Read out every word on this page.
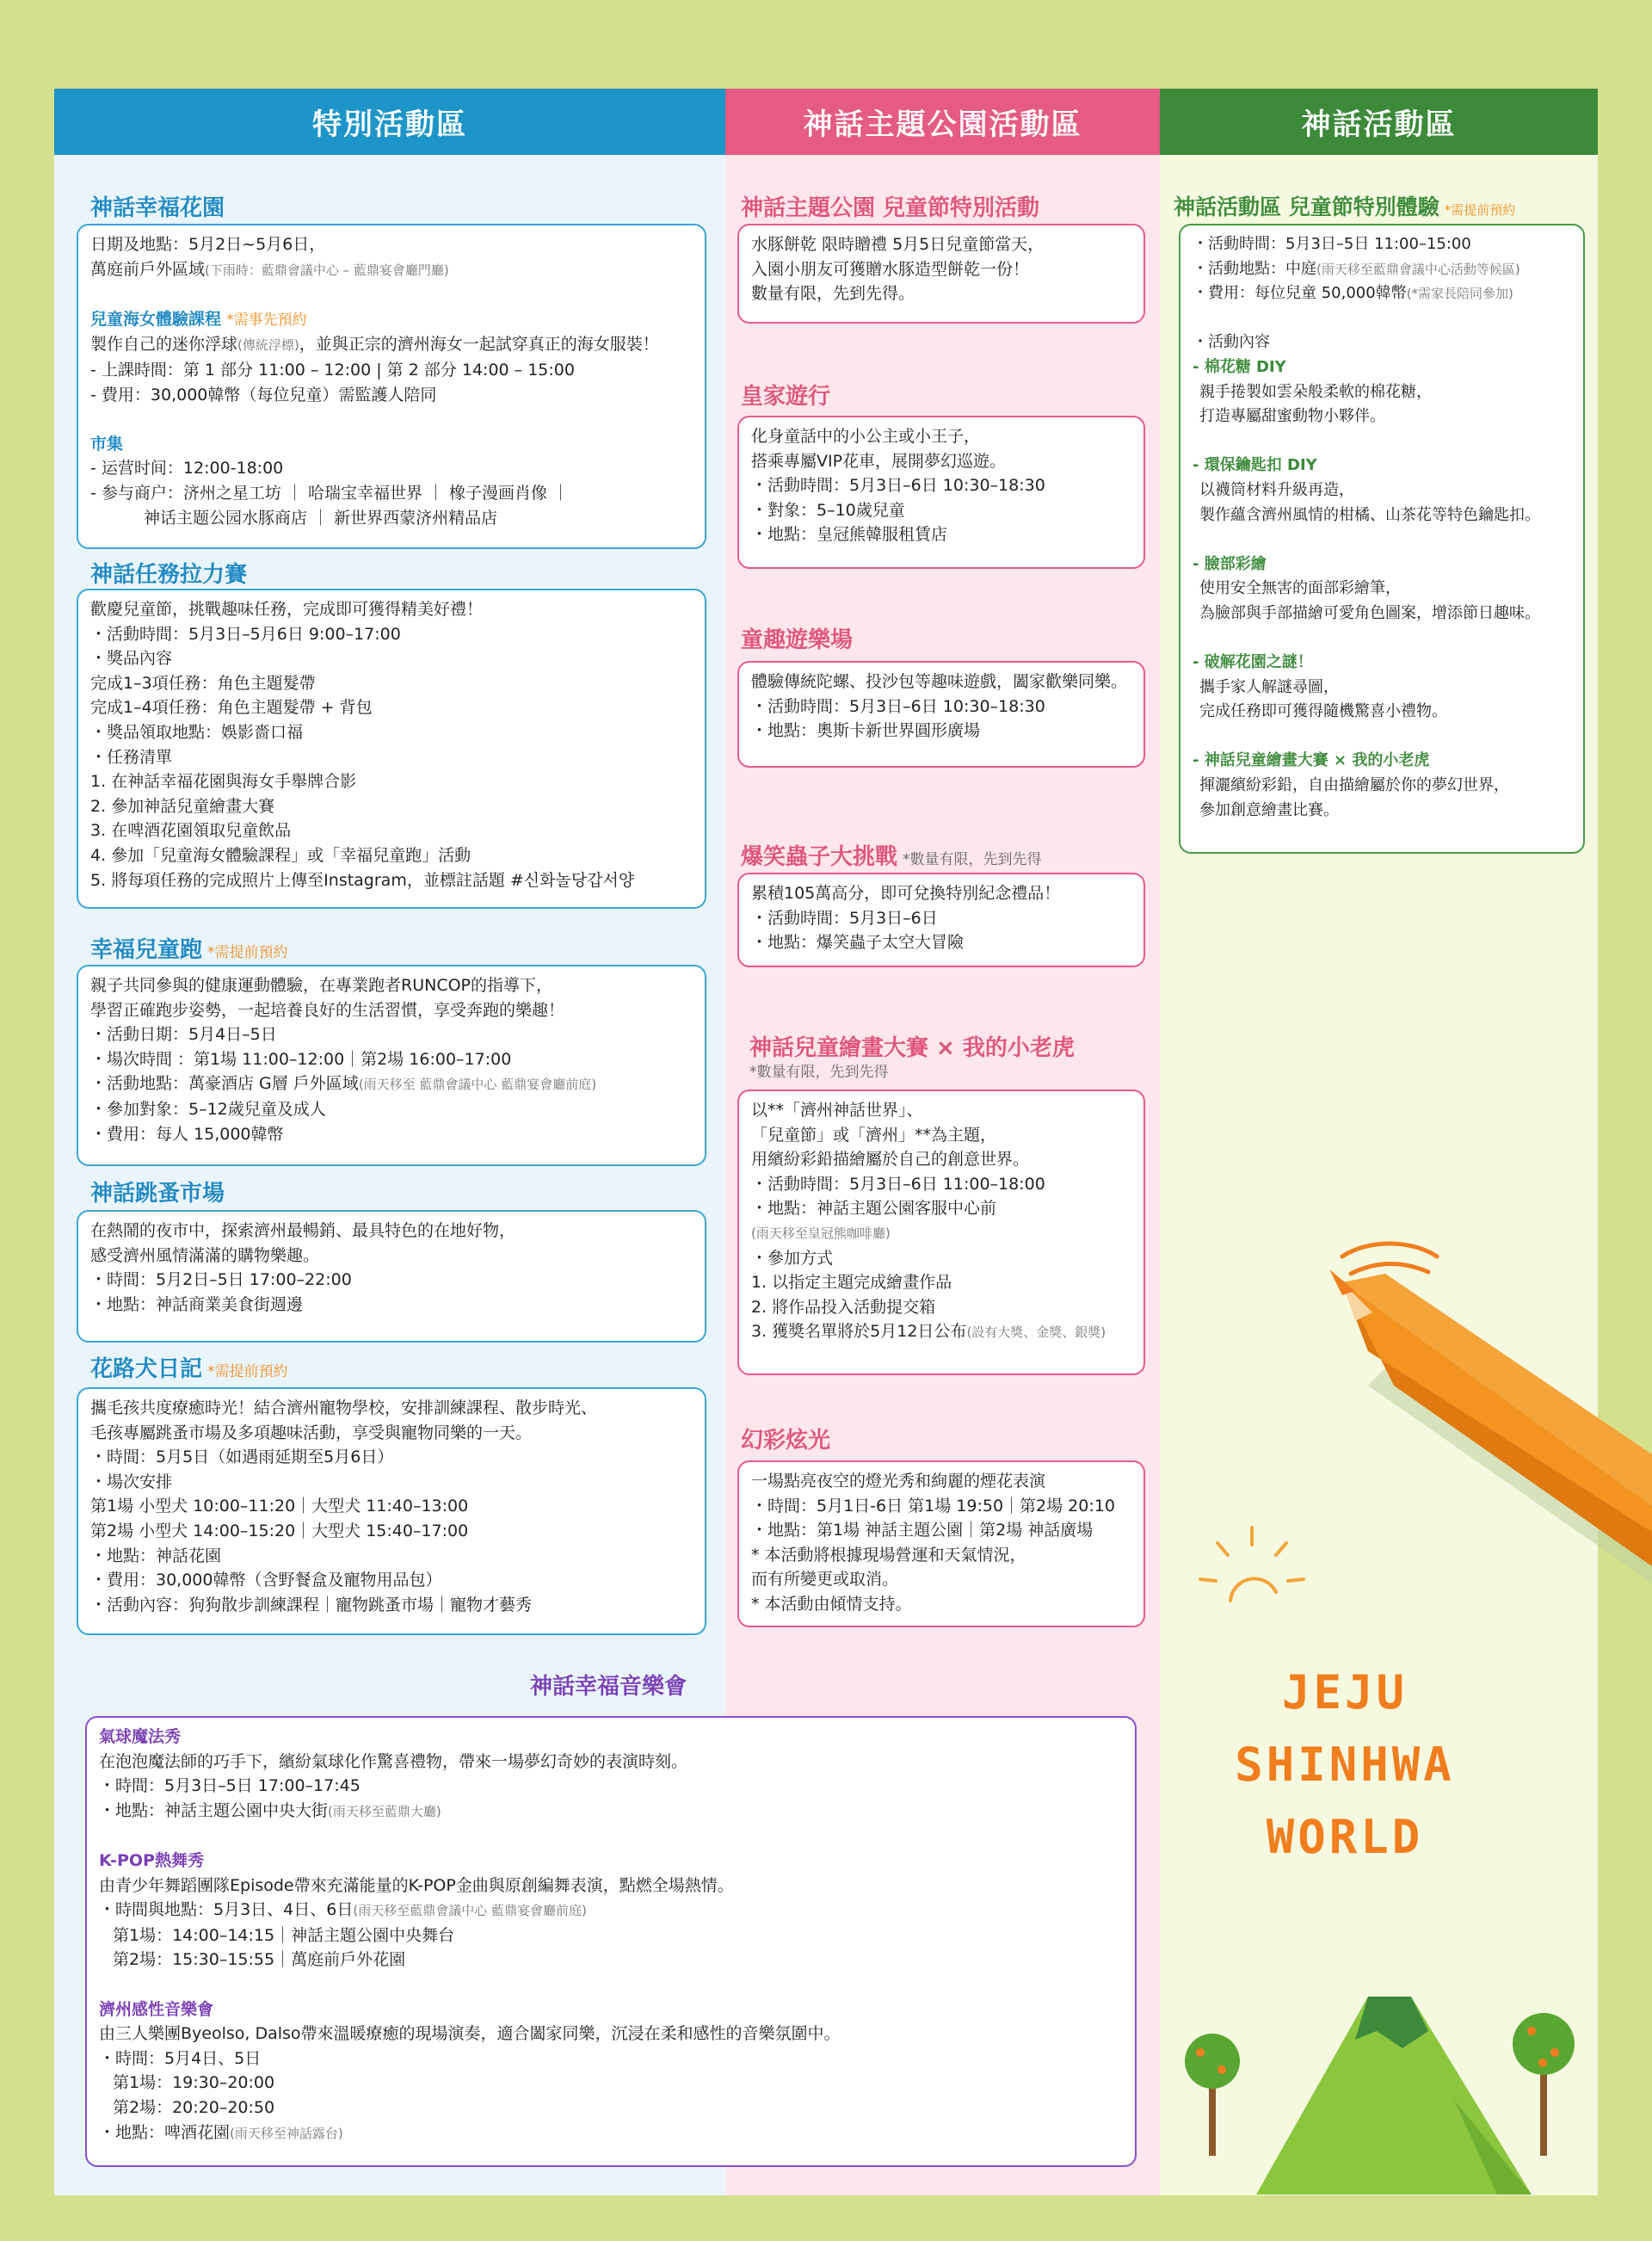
特別活動區
神話幸福花園
日期及地點：5月2日~5月6日，
萬庭前戶外區域(下雨時：藍鼎會議中心 – 藍鼎宴會廳門廳)
兒童海女體驗課程 *需事先預約
製作自己的迷你浮球(傳統浮標)，並與正宗的濟州海女一起試穿真正的海女服裝！
- 上課時間：第 1 部分 11:00 – 12:00 | 第 2 部分 14:00 – 15:00
- 費用：30,000韓幣（每位兒童）需監護人陪同
市集
- 运营时间：12:00-18:00
- 参与商户：济州之星工坊 ｜ 哈瑞宝幸福世界 ｜ 橡子漫画肖像 ｜
神话主题公园水豚商店 ｜ 新世界西蒙济州精品店
神話任務拉力賽
歡慶兒童節，挑戰趣味任務，完成即可獲得精美好禮！
・活動時間：5月3日–5月6日 9:00–17:00
・獎品內容
完成1–3項任務：角色主題髮帶
完成1–4項任務：角色主題髮帶 + 背包
・獎品領取地點：娛影嗇口福
・任務清單
1. 在神話幸福花園與海女手舉牌合影
2. 參加神話兒童繪畫大賽
3. 在啤酒花園領取兒童飲品
4. 參加「兒童海女體驗課程」或「幸福兒童跑」活動
5. 將每項任務的完成照片上傳至Instagram，並標註話題 #신화놀당갑서양
幸福兒童跑 *需提前預約
親子共同參與的健康運動體驗，在專業跑者RUNCOP的指導下，
學習正確跑步姿勢，一起培養良好的生活習慣，享受奔跑的樂趣！
・活動日期：5月4日–5日
・場次時間 ：第1場 11:00–12:00｜第2場 16:00–17:00
・活動地點：萬豪酒店 G層 戶外區域(雨天移至 藍鼎會議中心 藍鼎宴會廳前庭)
・參加對象：5–12歲兒童及成人
・費用：每人 15,000韓幣
神話跳蚤市場
在熱鬧的夜市中，探索濟州最暢銷、最具特色的在地好物，
感受濟州風情滿滿的購物樂趣。
・時間：5月2日–5日 17:00–22:00
・地點：神話商業美食街週邊
花路犬日記 *需提前預約
攜毛孩共度療癒時光！結合濟州寵物學校，安排訓練課程、散步時光、
毛孩專屬跳蚤市場及多項趣味活動，享受與寵物同樂的一天。
・時間：5月5日（如遇雨延期至5月6日）
・場次安排
第1場 小型犬 10:00–11:20｜大型犬 11:40–13:00
第2場 小型犬 14:00–15:20｜大型犬 15:40–17:00
・地點：神話花園
・費用：30,000韓幣（含野餐盒及寵物用品包）
・活動內容：狗狗散步訓練課程｜寵物跳蚤市場｜寵物才藝秀
神話主題公園活動區
神話主題公園 兒童節特別活動
水豚餅乾 限時贈禮 5月5日兒童節當天，
入園小朋友可獲贈水豚造型餅乾一份！
數量有限，先到先得。
皇家遊行
化身童話中的小公主或小王子，
搭乘專屬VIP花車，展開夢幻巡遊。
・活動時間：5月3日–6日 10:30–18:30
・對象：5–10歲兒童
・地點：皇冠熊韓服租賃店
童趣遊樂場
體驗傳統陀螺、投沙包等趣味遊戲，闔家歡樂同樂。
・活動時間：5月3日–6日 10:30–18:30
・地點：奧斯卡新世界圓形廣場
爆笑蟲子大挑戰 *數量有限，先到先得
累積105萬高分，即可兌換特別紀念禮品！
・活動時間：5月3日–6日
・地點：爆笑蟲子太空大冒險
神話兒童繪畫大賽 × 我的小老虎
*數量有限，先到先得
以**「濟州神話世界」、
「兒童節」或「濟州」**為主題，
用繽紛彩鉛描繪屬於自己的創意世界。
・活動時間：5月3日–6日 11:00–18:00
・地點：神話主題公園客服中心前
(雨天移至皇冠熊咖啡廳)
・參加方式
1. 以指定主題完成繪畫作品
2. 將作品投入活動提交箱
3. 獲獎名單將於5月12日公布(設有大獎、金獎、銀獎)
幻彩炫光
一場點亮夜空的燈光秀和絢麗的煙花表演
・時間：5月1日-6日 第1場 19:50｜第2場 20:10
・地點：第1場 神話主題公園｜第2場 神話廣場
* 本活動將根據現場營運和天氣情況，
而有所變更或取消。
* 本活動由傾情支持。
神話幸福音樂會
氣球魔法秀
在泡泡魔法師的巧手下，繽紛氣球化作驚喜禮物，帶來一場夢幻奇妙的表演時刻。
・時間：5月3日–5日 17:00–17:45
・地點：神話主題公園中央大街(雨天移至藍鼎大廳)
K-POP熱舞秀
由青少年舞蹈團隊Episode帶來充滿能量的K-POP金曲與原創編舞表演，點燃全場熱情。
・時間與地點：5月3日、4日、6日(雨天移至藍鼎會議中心 藍鼎宴會廳前庭)
第1場：14:00–14:15｜神話主題公園中央舞台
第2場：15:30–15:55｜萬庭前戶外花園
濟州感性音樂會
由三人樂團Byeolso, Dalso帶來溫暖療癒的現場演奏，適合闔家同樂，沉浸在柔和感性的音樂氛圍中。
・時間：5月4日、5日
第1場：19:30–20:00
第2場：20:20–20:50
・地點：啤酒花園(雨天移至神話露台)
神話活動區
神話活動區 兒童節特別體驗 *需提前預約
・活動時間：5月3日–5日 11:00–15:00
・活動地點：中庭(雨天移至藍鼎會議中心活動等候區)
・費用：每位兒童 50,000韓幣(*需家長陪同參加)
・活動內容
- 棉花糖 DIY
親手捲製如雲朵般柔軟的棉花糖，
打造專屬甜蜜動物小夥伴。
- 環保鑰匙扣 DIY
以襪筒材料升級再造，
製作蘊含濟州風情的柑橘、山茶花等特色鑰匙扣。
- 臉部彩繪
使用安全無害的面部彩繪筆，
為臉部與手部描繪可愛角色圖案，增添節日趣味。
- 破解花園之謎！
攜手家人解謎尋圖，
完成任務即可獲得隨機驚喜小禮物。
- 神話兒童繪畫大賽 × 我的小老虎
揮灑繽紛彩鉛，自由描繪屬於你的夢幻世界，
參加創意繪畫比賽。
JEJU
SHINHWA
WORLD
